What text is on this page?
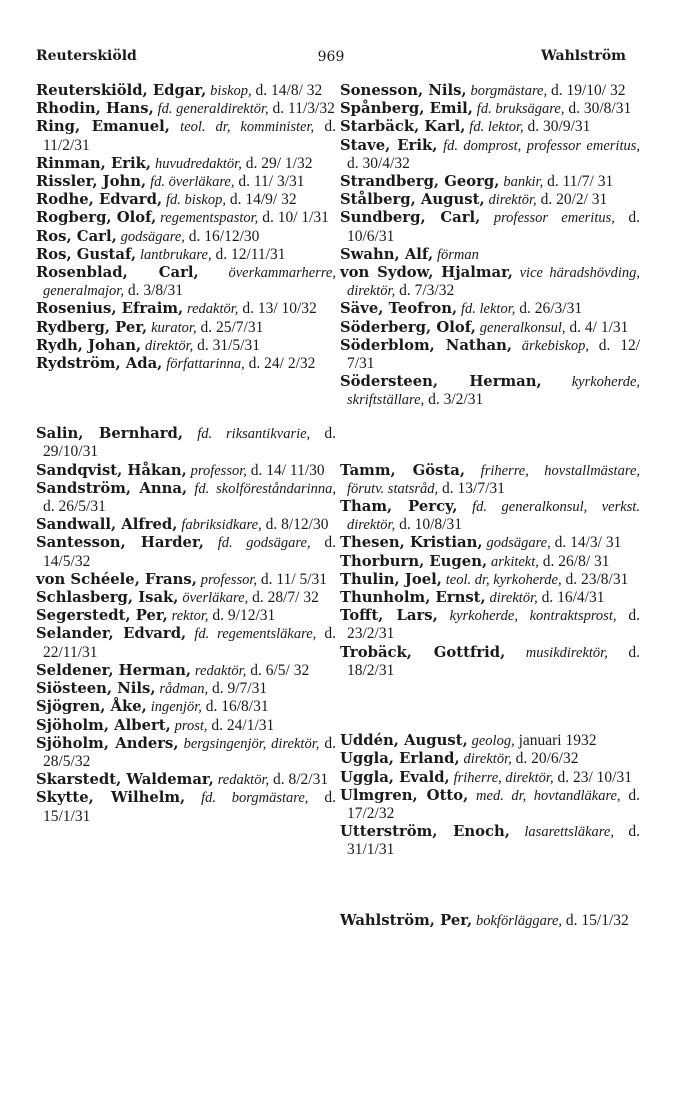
Reuterskiöld	969	Wahlström

Reuterskiöld, Edgar, biskop, d. 14/8/ 32

Rhodin, Hans, fd. generaldirektör, d. 11/3/32

Ring, Emanuel, teol. dr, komminister, d. 11/2/31

Rinman, Erik, huvudredaktör, d. 29/ 1/32

Rissler, John, fd. överläkare, d. 11/ 3/31

Rodhe, Edvard, fd. biskop, d. 14/9/ 32

Rogberg, Olof, regementspastor, d. 10/ 1/31

Ros, Carl, godsägare, d. 16/12/30

Ros, Gustaf, lantbrukare, d. 12/11/31

Rosenblad, Carl, överkammarherre, generalmajor, d. 3/8/31

Rosenius, Efraim, redaktör, d. 13/ 10/32

Rydberg, Per, kurator, d. 25/7/31

Rydh, Johan, direktör, d. 31/5/31

Rydström, Ada, författarinna, d. 24/ 2/32

Salin, Bernhard, fd. riksantikvarie, d. 29/10/31

Sandqvist, Håkan, professor, d. 14/ 11/30

Sandström, Anna, fd. skolföreståndarinna, d. 26/5/31

Sandwall, Alfred, fabriksidkare, d. 8/12/30

Santesson, Harder, fd. godsägare, d. 14/5/32

von Schéele, Frans, professor, d. 11/ 5/31

Schlasberg, Isak, överläkare, d. 28/7/ 32

Segerstedt, Per, rektor, d. 9/12/31

Selander, Edvard, fd. regementsläkare, d. 22/11/31

Seldener, Herman, redaktör, d. 6/5/ 32

Siösteen, Nils, rådman, d. 9/7/31

Sjögren, Åke, ingenjör, d. 16/8/31

Sjöholm, Albert, prost, d. 24/1/31

Sjöholm, Anders, bergsingenjör, direktör, d. 28/5/32

Skarstedt, Waldemar, redaktör, d. 8/2/31

Skytte, Wilhelm, fd. borgmästare, d. 15/1/31

Sonesson, Nils, borgmästare, d. 19/10/ 32

Spånberg, Emil, fd. bruksägare, d. 30/8/31

Starbäck, Karl, fd. lektor, d. 30/9/31

Stave, Erik, fd. domprost, professor emeritus, d. 30/4/32

Strandberg, Georg, bankir, d. 11/7/ 31

Stålberg, August, direktör, d. 20/2/ 31

Sundberg, Carl, professor emeritus, d. 10/6/31

Swahn, Alf, förman

von Sydow, Hjalmar, vice häradshövding, direktör, d. 7/3/32

Säve, Teofron, fd. lektor, d. 26/3/31

Söderberg, Olof, generalkonsul, d. 4/ 1/31

Söderblom, Nathan, ärkebiskop, d. 12/ 7/31

Södersteen, Herman, kyrkoherde, skriftställare, d. 3/2/31

Tamm, Gösta, friherre, hovstallmästare, förutv. statsråd, d. 13/7/31

Tham, Percy, fd. generalkonsul, verkst. direktör, d. 10/8/31

Thesen, Kristian, godsägare, d. 14/3/ 31

Thorburn, Eugen, arkitekt, d. 26/8/ 31

Thulin, Joel, teol. dr, kyrkoherde, d. 23/8/31

Thunholm, Ernst, direktör, d. 16/4/31

Tofft, Lars, kyrkoherde, kontraktsprost, d. 23/2/31

Trobäck, Gottfrid, musikdirektör, d. 18/2/31

Uddén, August, geolog, januari 1932

Uggla, Erland, direktör, d. 20/6/32

Uggla, Evald, friherre, direktör, d. 23/ 10/31

Ulmgren, Otto, med. dr, hovtandläkare, d. 17/2/32

Utterström, Enoch, lasarettsläkare, d. 31/1/31

Wahlström, Per, bokförläggare, d. 15/1/32
